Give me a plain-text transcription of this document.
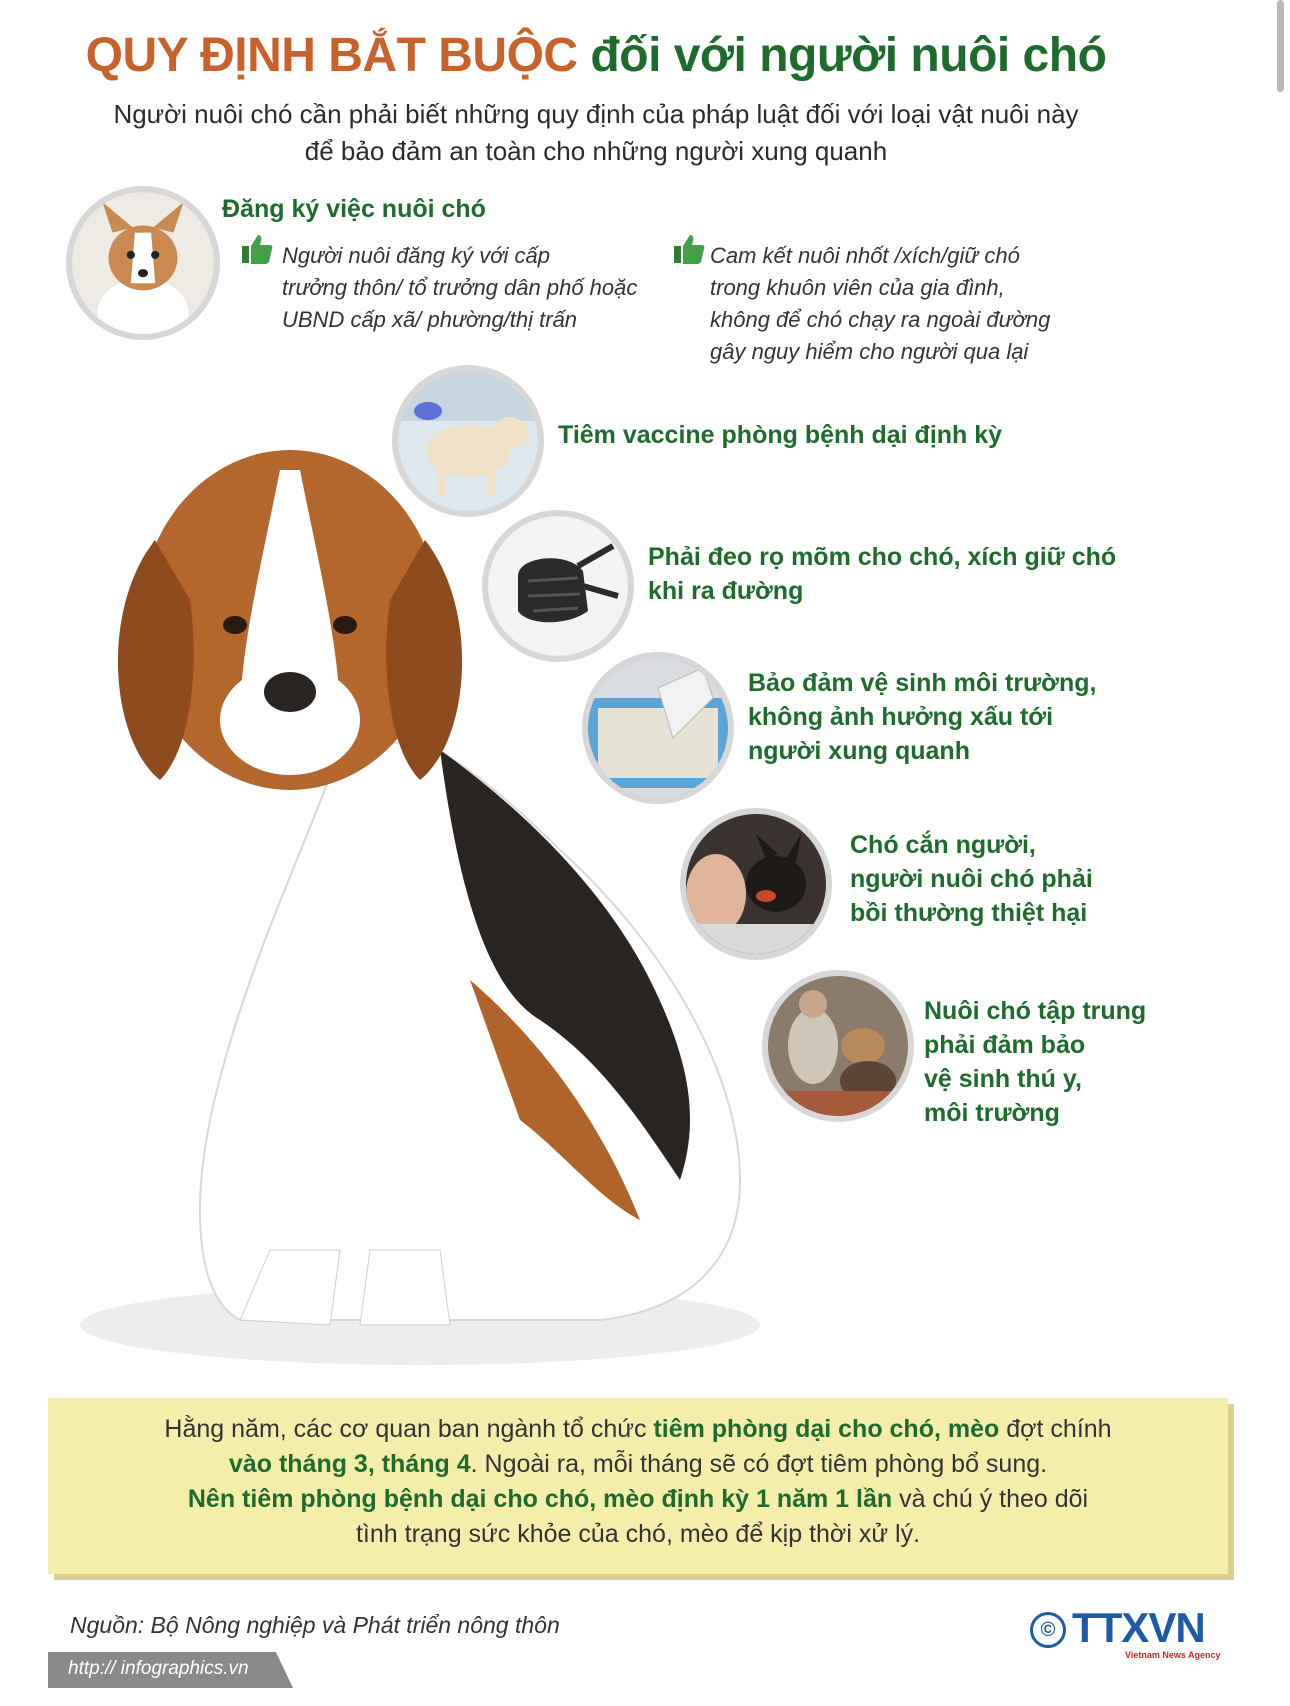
QUY ĐỊNH BẮT BUỘC đối với người nuôi chó
Người nuôi chó cần phải biết những quy định của pháp luật đối với loại vật nuôi này
để bảo đảm an toàn cho những người xung quanh
Đăng ký việc nuôi chó
Người nuôi đăng ký với cấp
trưởng thôn/ tổ trưởng dân phố hoặc
UBND cấp xã/ phường/thị trấn
Cam kết nuôi nhốt /xích/giữ chó
trong khuôn viên của gia đình,
không để chó chạy ra ngoài đường
gây nguy hiểm cho người qua lại
Tiêm vaccine phòng bệnh dại định kỳ
Phải đeo rọ mõm cho chó, xích giữ chó
khi ra đường
Bảo đảm vệ sinh môi trường,
không ảnh hưởng xấu tới
người xung quanh
Chó cắn người,
người nuôi chó phải
bồi thường thiệt hại
Nuôi chó tập trung
phải đảm bảo
vệ sinh thú y,
môi trường
Hằng năm, các cơ quan ban ngành tổ chức tiêm phòng dại cho chó, mèo đợt chính
vào tháng 3, tháng 4. Ngoài ra, mỗi tháng sẽ có đợt tiêm phòng bổ sung.
Nên tiêm phòng bệnh dại cho chó, mèo định kỳ 1 năm 1 lần và chú ý theo dõi
tình trạng sức khỏe của chó, mèo để kịp thời xử lý.
Nguồn: Bộ Nông nghiệp và Phát triển nông thôn
http:// infographics.vn
© TTXVN
Vietnam News Agency
